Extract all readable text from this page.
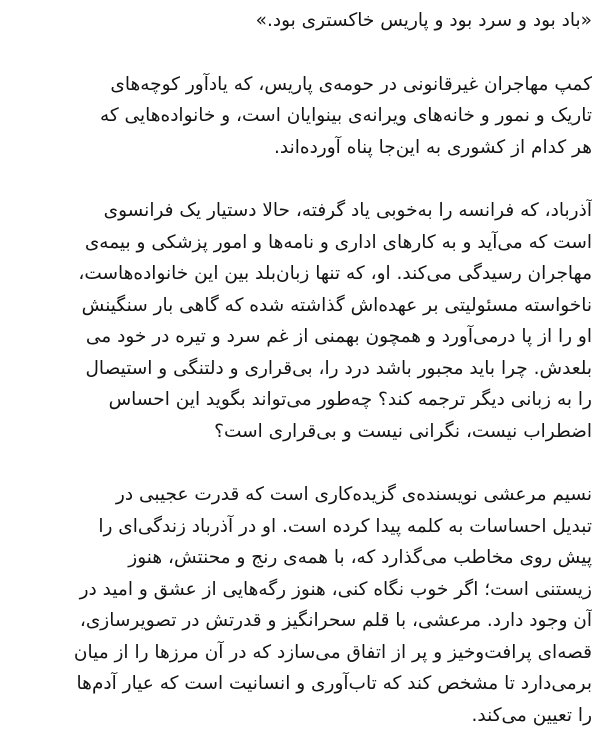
«باد بود و سرد بود و پاریس خاکستری بود.»
کمپ مهاجران غیرقانونی در حومه‌ی پاریس، که یادآور کوچه‌های
تاریک و نمور و خانه‌های ویرانه‌ی بینوایان است، و خانواده‌هایی که
هر کدام از کشوری به این‌جا پناه آورده‌اند.
آذرباد، که فرانسه را به‌خوبی یاد گرفته، حالا دستیار یک فرانسوی
است که می‌آید و به کارهای اداری و نامه‌ها و امور پزشکی و بیمه‌ی
مهاجران رسیدگی می‌کند. او، که تنها زبان‌بلد بین این خانواده‌هاست،
ناخواسته مسئولیتی بر عهده‌اش گذاشته شده که گاهی بار سنگینش
او را از پا درمی‌آورد و همچون بهمنی از غم سرد و تیره در خود می
بلعدش. چرا باید مجبور باشد درد را، بی‌قراری و دلتنگی و استیصال
را به زبانی دیگر ترجمه کند؟ چه‌طور می‌تواند بگوید این احساس
اضطراب نیست، نگرانی نیست و بی‌قراری است؟
نسیم مرعشی نویسنده‌ی گزیده‌کاری است که قدرت عجیبی در
تبدیل احساسات به کلمه پیدا کرده است. او در آذرباد زندگی‌ای را
پیش روی مخاطب می‌گذارد که، با همه‌ی رنج و محنتش، هنوز
زیستنی است؛ اگر خوب نگاه کنی، هنوز رگه‌هایی از عشق و امید در
آن وجود دارد. مرعشی، با قلم سحرانگیز و قدرتش در تصویرسازی،
قصه‌ای پرافت‌وخیز و پر از اتفاق می‌سازد که در آن مرزها را از میان
برمی‌دارد تا مشخص کند که تاب‌آوری و انسانیت است که عیار آدم‌ها
را تعیین می‌کند.
